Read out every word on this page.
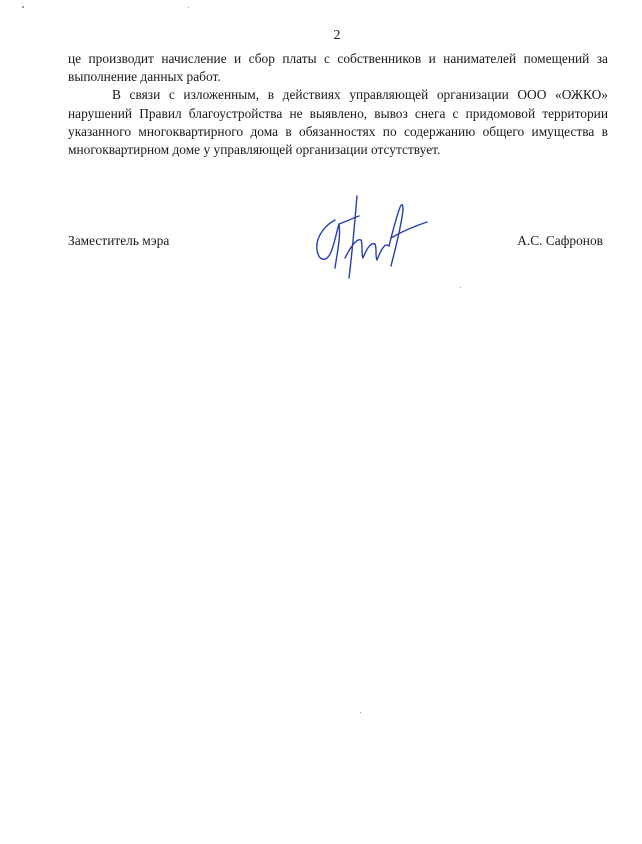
2

це производит начисление и сбор платы с собственников и нанимателей помещений за выполнение данных работ.

В связи с изложенным, в действиях управляющей организации ООО «ОЖКО» нарушений Правил благоустройства не выявлено, вывоз снега с придомовой территории указанного многоквартирного дома в обязанностях по содержанию общего имущества в многоквартирном доме у управляющей организации отсутствует.

Заместитель мэра	А.С. Сафронов
